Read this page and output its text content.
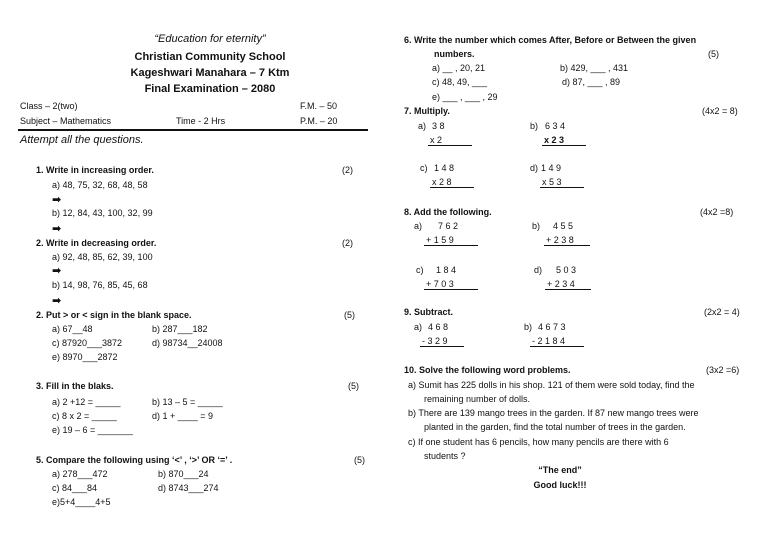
“Education for eternity”
Christian Community School
Kageshwari Manahara – 7 Ktm
Final Examination – 2080
Class – 2(two)	F.M. – 50
Subject – Mathematics	Time - 2 Hrs	P.M. – 20
Attempt all the questions.
1. Write in increasing order.	(2)
a) 48, 75, 32, 68, 48, 58
➡
b) 12, 84, 43, 100, 32, 99
➡
2. Write in decreasing order.	(2)
a) 92, 48, 85, 62, 39, 100
➡
b) 14, 98, 76, 85, 45, 68
➡
2. Put > or < sign in the blank space.	(5)
a) 67__48	b) 287___182
c) 87920___3872	d) 98734__24008
e) 8970___2872
3. Fill in the blaks.	(5)
a) 2 +12 = _____	b) 13 – 5 = _____
c) 8 x 2 = _____	d) 1 + ____ = 9
e) 19 – 6 = _______
5. Compare the following using ‘<’ , ‘>’ OR ‘=’ .	(5)
a) 278___472	b) 870___24
c) 84___84	d) 8743___274
e)5+4____4+5
6. Write the number which comes After, Before or Between the given
numbers.	(5)
a) __ , 20, 21	b) 429, ___ , 431
c) 48, 49, ___	d) 87, ___ , 89
e) ___ , ___ , 29
7. Multiply.	(4x2 = 8)
a) 3 8
x 2
b) 6 3 4
x 2 3
c) 1 4 8
x 2 8
d) 1 4 9
x 5 3
8. Add the following.	(4x2 =8)
a) 7 6 2
+ 1 5 9
b) 4 5 5
+ 2 3 8
c) 1 8 4
+ 7 0 3
d) 5 0 3
+ 2 3 4
9. Subtract.	(2x2 = 4)
a) 4 6 8
- 3 2 9
b) 4 6 7 3
- 2 1 8 4
10. Solve the following word problems.	(3x2 =6)
a) Sumit has 225 dolls in his shop. 121 of them were sold today, find the
remaining number of dolls.
b) There are 139 mango trees in the garden. If 87 new mango trees were
planted in the garden, find the total number of trees in the garden.
c) If one student has 6 pencils, how many pencils are there with 6
students ?
“The end”
Good luck!!!
